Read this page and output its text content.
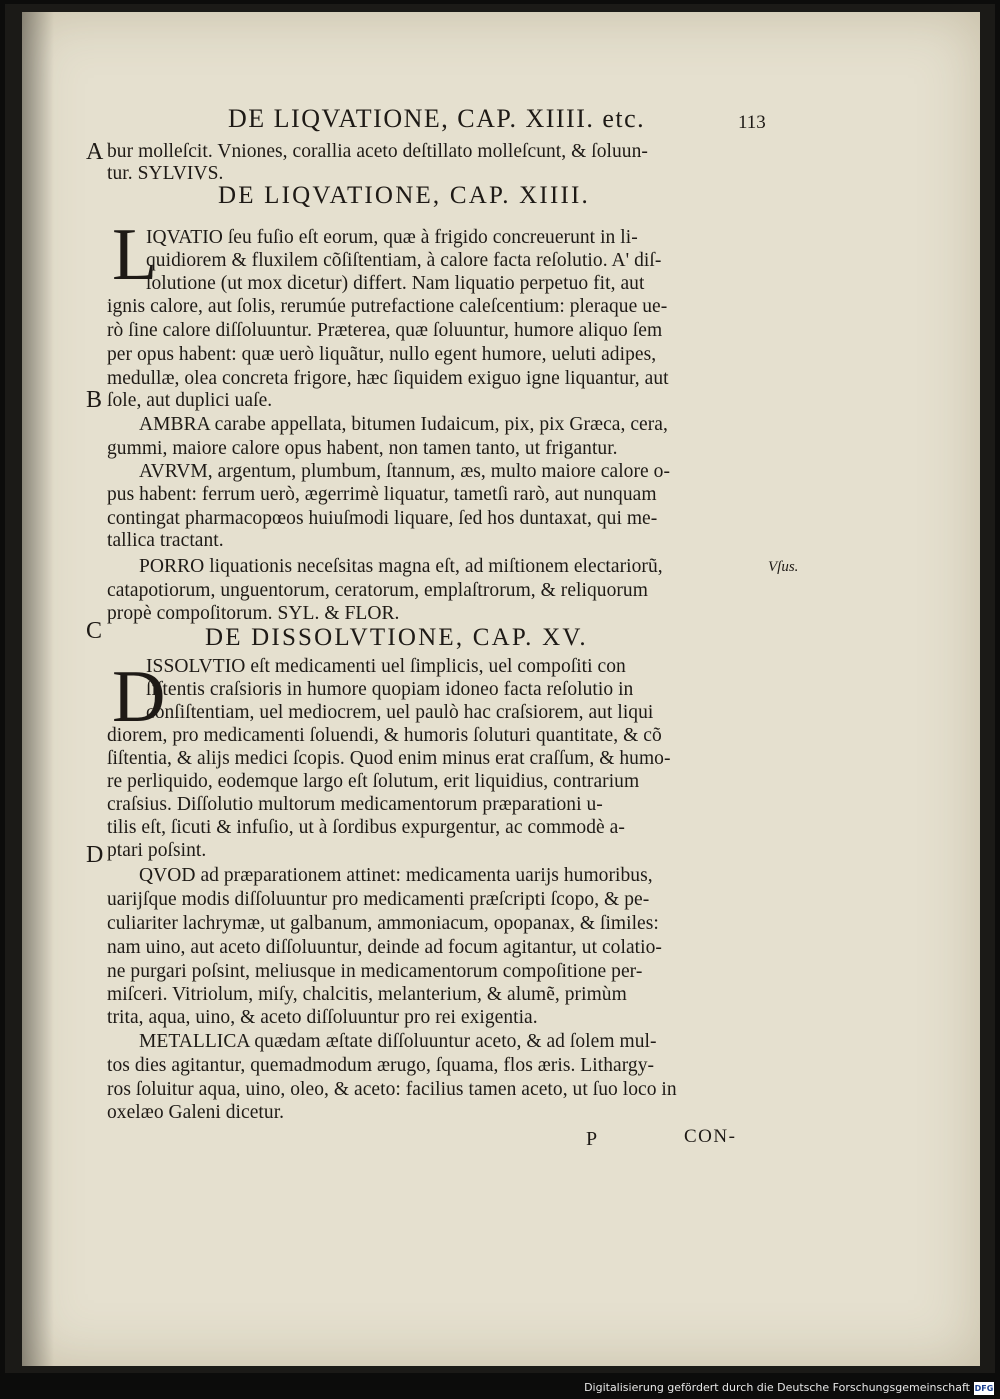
DE LIQVATIONE, CAP. XIIII. etc.	113
A
B
C
D
Vſus.
bur molleſcit. Vniones, corallia aceto deſtillato molleſcunt, & ſoluun-
tur. SYLVIVS.
DE LIQVATIONE, CAP. XIIII.
L
IQVATIO ſeu fuſio eſt eorum, quæ à frigido concreuerunt in li-
quidiorem & fluxilem cõſiſtentiam, à calore facta reſolutio. A' diſ-
ſolutione (ut mox dicetur) differt. Nam liquatio perpetuo fit, aut
ignis calore, aut ſolis, rerumúe putrefactione caleſcentium: pleraque ue-
rò ſine calore diſſoluuntur. Præterea, quæ ſoluuntur, humore aliquo ſem
per opus habent: quæ uerò liquãtur, nullo egent humore, ueluti adipes,
medullæ, olea concreta frigore, hæc ſiquidem exiguo igne liquantur, aut
ſole, aut duplici uaſe.
AMBRA carabe appellata, bitumen Iudaicum, pix, pix Græca, cera,
gummi, maiore calore opus habent, non tamen tanto, ut frigantur.
AVRVM, argentum, plumbum, ſtannum, æs, multo maiore calore o-
pus habent: ferrum uerò, ægerrimè liquatur, tametſi rarò, aut nunquam
contingat pharmacopœos huiuſmodi liquare, ſed hos duntaxat, qui me-
tallica tractant.
PORRO liquationis neceſsitas magna eſt, ad miſtionem electariorũ,
catapotiorum, unguentorum, ceratorum, emplaſtrorum, & reliquorum
propè compoſitorum. SYL. & FLOR.
DE DISSOLVTIONE, CAP. XV.
D
ISSOLVTIO eſt medicamenti uel ſimplicis, uel compoſiti con
ſiſtentis craſsioris in humore quopiam idoneo facta reſolutio in
conſiſtentiam, uel mediocrem, uel paulò hac craſsiorem, aut liqui
diorem, pro medicamenti ſoluendi, & humoris ſoluturi quantitate, & cõ
ſiſtentia, & alijs medici ſcopis. Quod enim minus erat craſſum, & humo-
re perliquido, eodemque largo eſt ſolutum, erit liquidius, contrarium
craſsius. Diſſolutio multorum medicamentorum præparationi u-
tilis eſt, ſicuti & infuſio, ut à ſordibus expurgentur, ac commodè a-
ptari poſsint.
QVOD ad præparationem attinet: medicamenta uarijs humoribus,
uarijſque modis diſſoluuntur pro medicamenti præſcripti ſcopo, & pe-
culiariter lachrymæ, ut galbanum, ammoniacum, opopanax, & ſimiles:
nam uino, aut aceto diſſoluuntur, deinde ad focum agitantur, ut colatio-
ne purgari poſsint, meliusque in medicamentorum compoſitione per-
miſceri. Vitriolum, miſy, chalcitis, melanterium, & alumẽ, primùm
trita, aqua, uino, & aceto diſſoluuntur pro rei exigentia.
METALLICA quædam æſtate diſſoluuntur aceto, & ad ſolem mul-
tos dies agitantur, quemadmodum ærugo, ſquama, flos æris. Lithargy-
ros ſoluitur aqua, uino, oleo, & aceto: facilius tamen aceto, ut ſuo loco in
oxelæo Galeni dicetur.
P	CON-
Digitalisierung gefördert durch die Deutsche Forschungsgemeinschaft DFG
